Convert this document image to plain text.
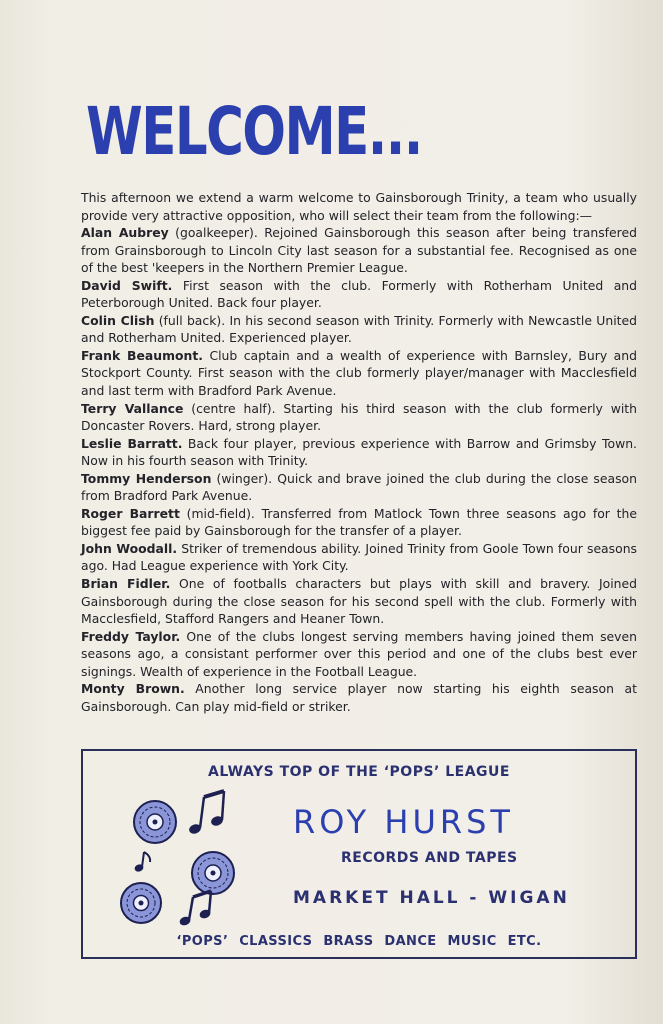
WELCOME...

This afternoon we extend a warm welcome to Gainsborough Trinity, a team who usually provide very attractive opposition, who will select their team from the following:—

Alan Aubrey (goalkeeper). Rejoined Gainsborough this season after being transfered from Grainsborough to Lincoln City last season for a substantial fee. Recognised as one of the best 'keepers in the Northern Premier League.

David Swift. First season with the club. Formerly with Rotherham United and Peterborough United. Back four player.

Colin Clish (full back). In his second season with Trinity. Formerly with Newcastle United and Rotherham United. Experienced player.

Frank Beaumont. Club captain and a wealth of experience with Barnsley, Bury and Stockport County. First season with the club formerly player/manager with Macclesfield and last term with Bradford Park Avenue.

Terry Vallance (centre half). Starting his third season with the club formerly with Doncaster Rovers. Hard, strong player.

Leslie Barratt. Back four player, previous experience with Barrow and Grimsby Town. Now in his fourth season with Trinity.

Tommy Henderson (winger). Quick and brave joined the club during the close season from Bradford Park Avenue.

Roger Barrett (mid-field). Transferred from Matlock Town three seasons ago for the biggest fee paid by Gainsborough for the transfer of a player.

John Woodall. Striker of tremendous ability. Joined Trinity from Goole Town four seasons ago. Had League experience with York City.

Brian Fidler. One of footballs characters but plays with skill and bravery. Joined Gainsborough during the close season for his second spell with the club. Formerly with Macclesfield, Stafford Rangers and Heaner Town.

Freddy Taylor. One of the clubs longest serving members having joined them seven seasons ago, a consistant performer over this period and one of the clubs best ever signings. Wealth of experience in the Football League.

Monty Brown. Another long service player now starting his eighth season at Gainsborough. Can play mid-field or striker.

ALWAYS TOP OF THE ‘POPS’ LEAGUE
ROY HURST
RECORDS AND TAPES
MARKET HALL - WIGAN
‘POPS’ CLASSICS BRASS DANCE MUSIC ETC.
